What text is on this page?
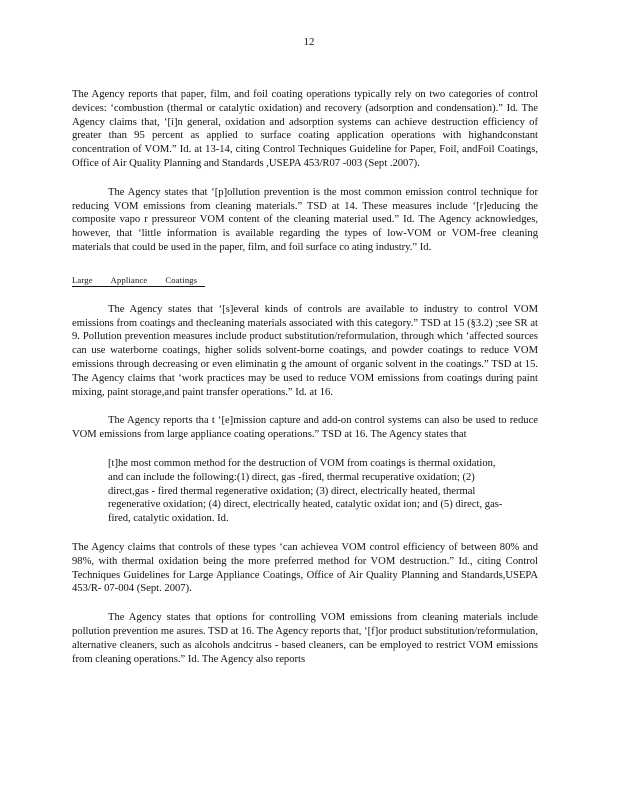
12

The Agency reports that paper, film, and foil coating operations typically rely on two categories of control devices: ‘combustion (thermal or catalytic oxidation) and recovery (adsorption and condensation).” Id. The Agency claims that, ‘[i]n general, oxidation and adsorption systems can achieve destruction efficiency of greater than 95 percent as applied to surface coating application operations with highandconstant concentration of VOM.” Id. at 13-14, citing Control Techniques Guideline for Paper, Foil, andFoil Coatings, Office of Air Quality Planning and Standards ,USEPA 453/R07 -003 (Sept .2007).

The Agency states that ‘[p]ollution prevention is the most common emission control technique for reducing VOM emissions from cleaning materials.” TSD at 14. These measures include ‘[r]educing the composite vapo r pressureor VOM content of the cleaning material used.” Id. The Agency acknowledges, however, that ‘little information is available regarding the types of low-VOM or VOM-free cleaning materials that could be used in the paper, film, and foil surface co ating industry.” Id.

Large Appliance Coatings

The Agency states that ‘[s]everal kinds of controls are available to industry to control VOM emissions from coatings and thecleaning materials associated with this category.” TSD at 15 (§3.2) ;see SR at 9. Pollution prevention measures include product substitution/reformulation, through which ‘affected sources can use waterborne coatings, higher solids solvent-borne coatings, and powder coatings to reduce VOM emissions through decreasing or even eliminatin g the amount of organic solvent in the coatings.” TSD at 15. The Agency claims that ‘work practices may be used to reduce VOM emissions from coatings during paint mixing, paint storage,and paint transfer operations.” Id. at 16.

The Agency reports tha t ‘[e]mission capture and add-on control systems can also be used to reduce VOM emissions from large appliance coating operations.” TSD at 16. The Agency states that

[t]he most common method for the destruction of VOM from coatings is thermal oxidation, and can include the following:(1) direct, gas -fired, thermal recuperative oxidation; (2) direct,gas - fired thermal regenerative oxidation; (3) direct, electrically heated, thermal regenerative oxidation; (4) direct, electrically heated, catalytic oxidat ion; and (5) direct, gas-fired, catalytic oxidation. Id.

The Agency claims that controls of these types ‘can achievea VOM control efficiency of between 80% and 98%, with thermal oxidation being the more preferred method for VOM destruction.” Id., citing Control Techniques Guidelines for Large Appliance Coatings, Office of Air Quality Planning and Standards,USEPA 453/R- 07-004 (Sept. 2007).

The Agency states that options for controlling VOM emissions from cleaning materials include pollution prevention me asures. TSD at 16. The Agency reports that, ‘[f]or product substitution/reformulation, alternative cleaners, such as alcohols andcitrus - based cleaners, can be employed to restrict VOM emissions from cleaning operations.” Id. The Agency also reports
